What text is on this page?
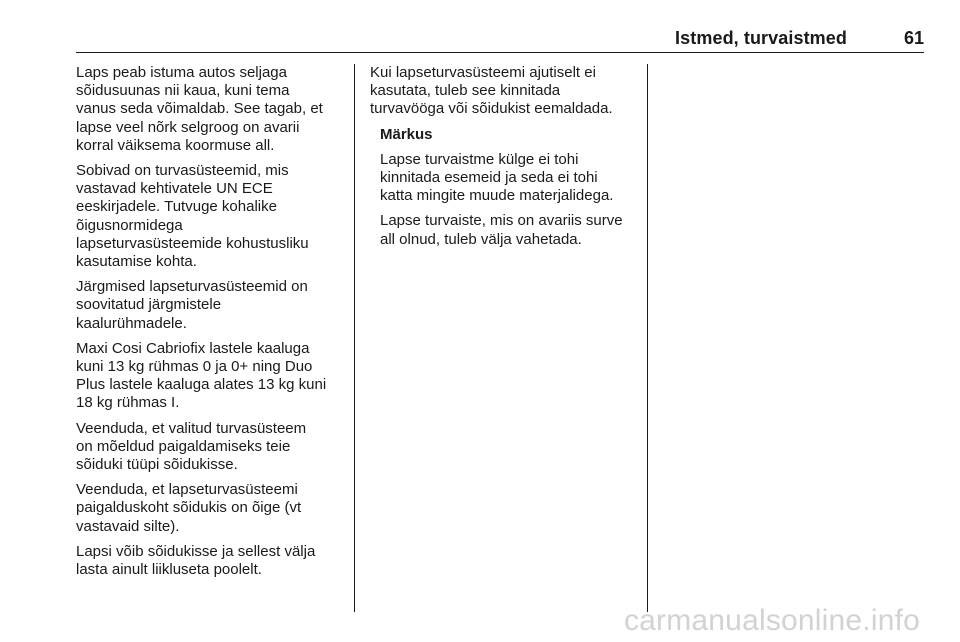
Istmed, turvaistmed	61

Laps peab istuma autos seljaga
sõidusuunas nii kaua, kuni tema
vanus seda võimaldab. See tagab, et
lapse veel nõrk selgroog on avarii
korral väiksema koormuse all.

Sobivad on turvasüsteemid, mis
vastavad kehtivatele UN ECE
eeskirjadele. Tutvuge kohalike
õigusnormidega
lapseturvasüsteemide kohustusliku
kasutamise kohta.

Järgmised lapseturvasüsteemid on
soovitatud järgmistele
kaalurühmadele.

Maxi Cosi Cabriofix lastele kaaluga
kuni 13 kg rühmas 0 ja 0+ ning Duo
Plus lastele kaaluga alates 13 kg kuni
18 kg rühmas I.

Veenduda, et valitud turvasüsteem
on mõeldud paigaldamiseks teie
sõiduki tüüpi sõidukisse.

Veenduda, et lapseturvasüsteemi
paigalduskoht sõidukis on õige (vt
vastavaid silte).

Lapsi võib sõidukisse ja sellest välja
lasta ainult liikluseta poolelt.

Kui lapseturvasüsteemi ajutiselt ei
kasutata, tuleb see kinnitada
turvavööga või sõidukist eemaldada.

Märkus

Lapse turvaistme külge ei tohi
kinnitada esemeid ja seda ei tohi
katta mingite muude materjalidega.

Lapse turvaiste, mis on avariis surve
all olnud, tuleb välja vahetada.

carmanualsonline.info
